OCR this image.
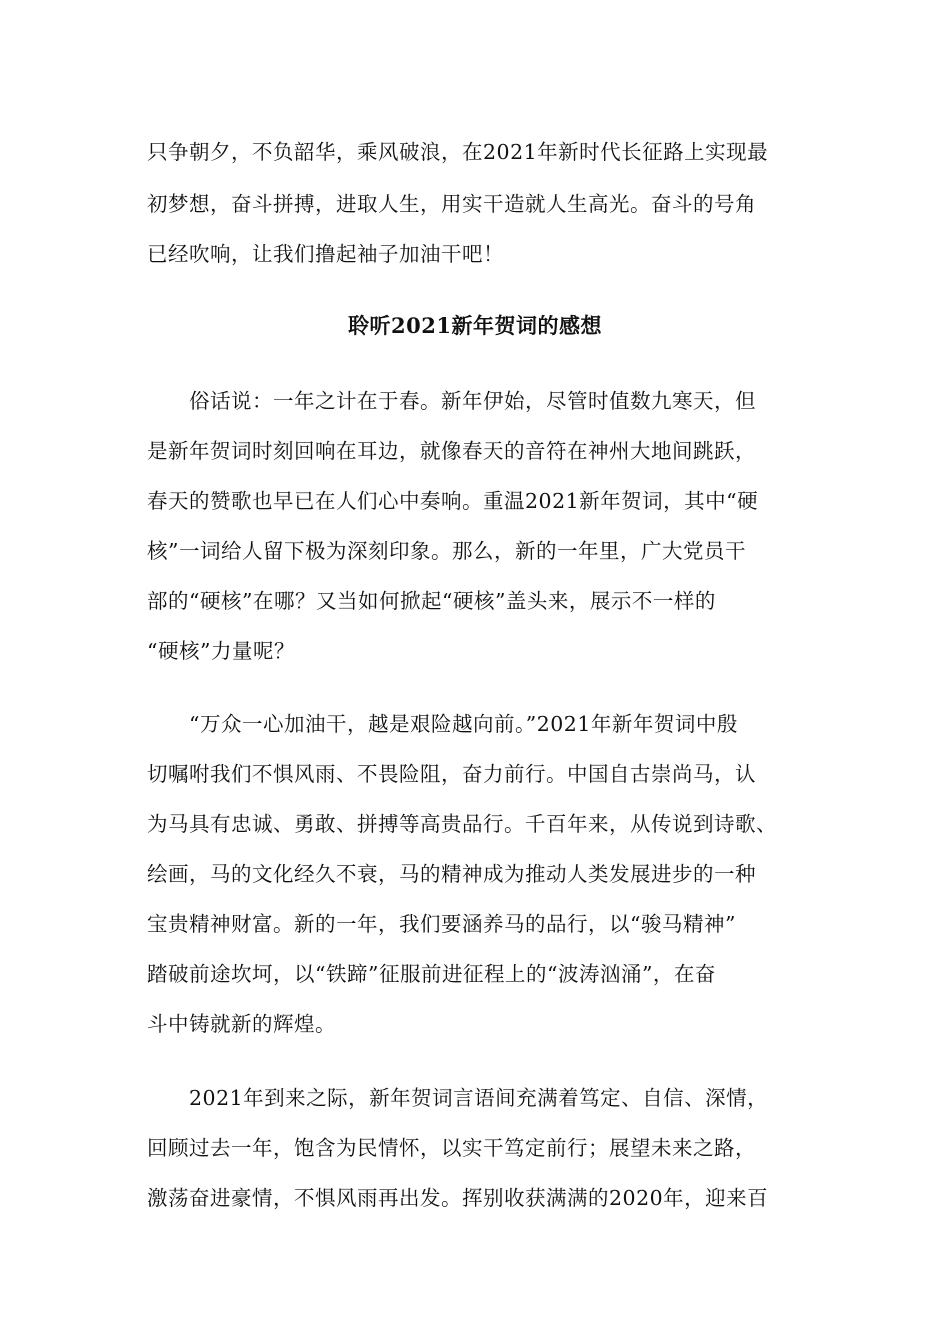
只争朝夕，不负韶华，乘风破浪，在2021年新时代长征路上实现最
初梦想，奋斗拼搏，进取人生，用实干造就人生高光。奋斗的号角
已经吹响，让我们撸起袖子加油干吧！
聆听2021新年贺词的感想
俗话说：一年之计在于春。新年伊始，尽管时值数九寒天，但
是新年贺词时刻回响在耳边，就像春天的音符在神州大地间跳跃，
春天的赞歌也早已在人们心中奏响。重温2021新年贺词，其中“硬
核”一词给人留下极为深刻印象。那么，新的一年里，广大党员干
部的“硬核”在哪？又当如何掀起“硬核”盖头来，展示不一样的
“硬核”力量呢？
“万众一心加油干，越是艰险越向前。”2021年新年贺词中殷
切嘱咐我们不惧风雨、不畏险阻，奋力前行。中国自古崇尚马，认
为马具有忠诚、勇敢、拼搏等高贵品行。千百年来，从传说到诗歌、
绘画，马的文化经久不衰，马的精神成为推动人类发展进步的一种
宝贵精神财富。新的一年，我们要涵养马的品行，以“骏马精神”
踏破前途坎坷，以“铁蹄”征服前进征程上的“波涛汹涌”，在奋
斗中铸就新的辉煌。
2021年到来之际，新年贺词言语间充满着笃定、自信、深情，
回顾过去一年，饱含为民情怀，以实干笃定前行；展望未来之路，
激荡奋进豪情，不惧风雨再出发。挥别收获满满的2020年，迎来百
